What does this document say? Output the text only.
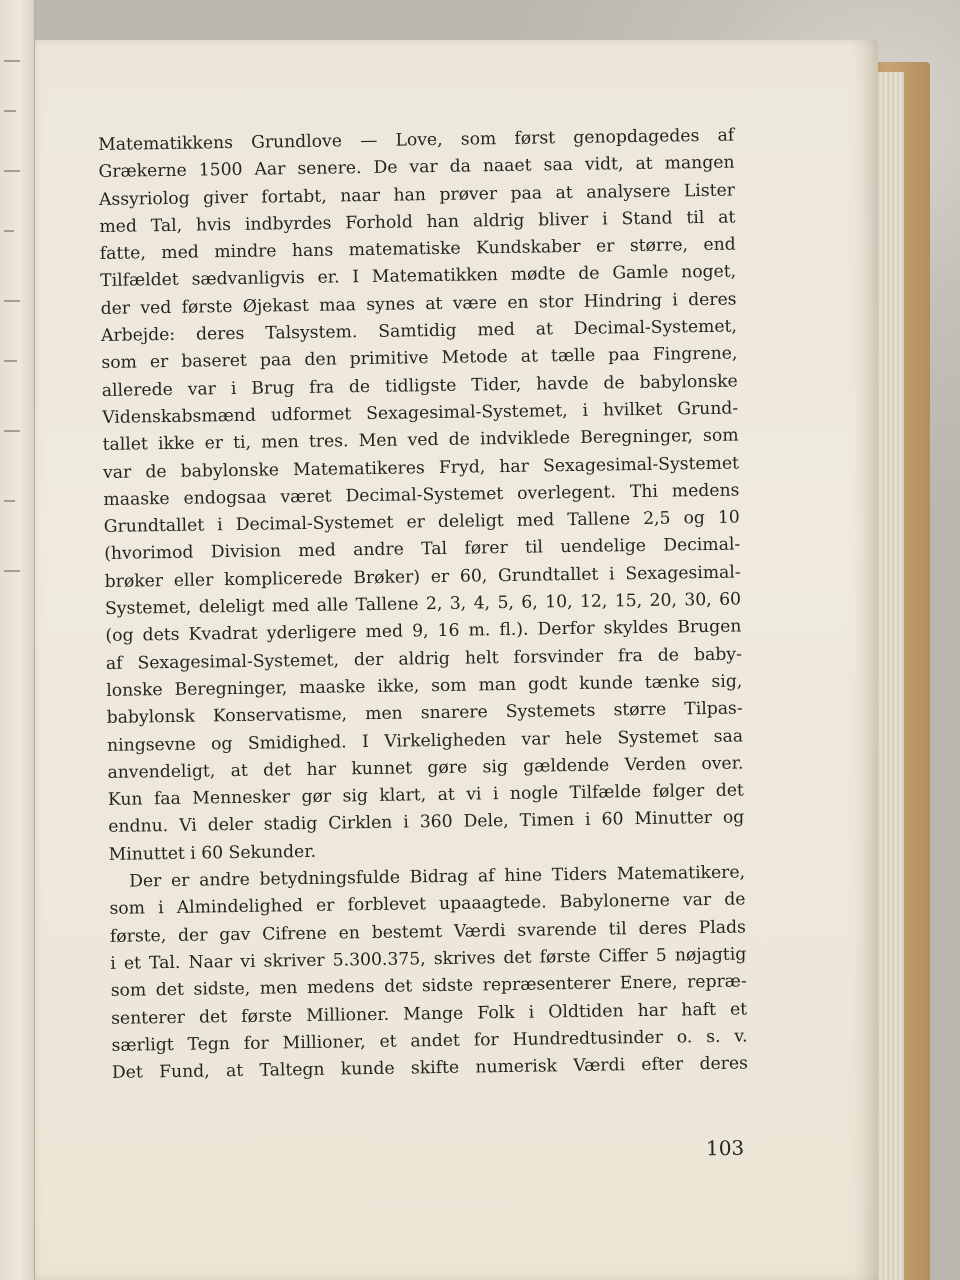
Matematikkens Grundlove — Love, som først genopdagedes af
Grækerne 1500 Aar senere. De var da naaet saa vidt, at mangen
Assyriolog giver fortabt, naar han prøver paa at analysere Lister
med Tal, hvis indbyrdes Forhold han aldrig bliver i Stand til at
fatte, med mindre hans matematiske Kundskaber er større, end
Tilfældet sædvanligvis er. I Matematikken mødte de Gamle noget,
der ved første Øjekast maa synes at være en stor Hindring i deres
Arbejde: deres Talsystem. Samtidig med at Decimal-Systemet,
som er baseret paa den primitive Metode at tælle paa Fingrene,
allerede var i Brug fra de tidligste Tider, havde de babylonske
Videnskabsmænd udformet Sexagesimal-Systemet, i hvilket Grund-
tallet ikke er ti, men tres. Men ved de indviklede Beregninger, som
var de babylonske Matematikeres Fryd, har Sexagesimal-Systemet
maaske endogsaa været Decimal-Systemet overlegent. Thi medens
Grundtallet i Decimal-Systemet er deleligt med Tallene 2,5 og 10
(hvorimod Division med andre Tal fører til uendelige Decimal-
brøker eller komplicerede Brøker) er 60, Grundtallet i Sexagesimal-
Systemet, deleligt med alle Tallene 2, 3, 4, 5, 6, 10, 12, 15, 20, 30, 60
(og dets Kvadrat yderligere med 9, 16 m. fl.). Derfor skyldes Brugen
af Sexagesimal-Systemet, der aldrig helt forsvinder fra de baby-
lonske Beregninger, maaske ikke, som man godt kunde tænke sig,
babylonsk Konservatisme, men snarere Systemets større Tilpas-
ningsevne og Smidighed. I Virkeligheden var hele Systemet saa
anvendeligt, at det har kunnet gøre sig gældende Verden over.
Kun faa Mennesker gør sig klart, at vi i nogle Tilfælde følger det
endnu. Vi deler stadig Cirklen i 360 Dele, Timen i 60 Minutter og
Minuttet i 60 Sekunder.
Der er andre betydningsfulde Bidrag af hine Tiders Matematikere,
som i Almindelighed er forblevet upaaagtede. Babylonerne var de
første, der gav Cifrene en bestemt Værdi svarende til deres Plads
i et Tal. Naar vi skriver 5.300.375, skrives det første Ciffer 5 nøjagtig
som det sidste, men medens det sidste repræsenterer Enere, repræ-
senterer det første Millioner. Mange Folk i Oldtiden har haft et
særligt Tegn for Millioner, et andet for Hundredtusinder o. s. v.
Det Fund, at Taltegn kunde skifte numerisk Værdi efter deres
103
